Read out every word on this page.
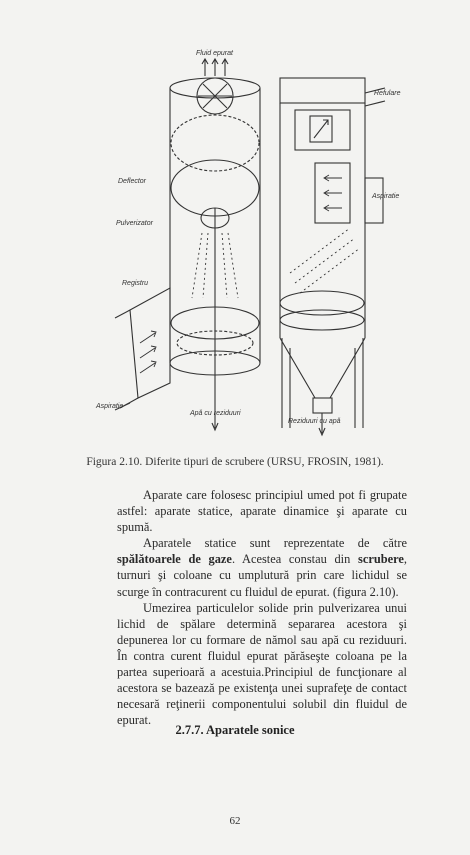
Fluid epurat
Deflector
Pulverizator
Registru
Aspiratie
Apă cu reziduuri
Refulare
Aspiratie
Reziduuri cu apă
Figura 2.10. Diferite tipuri de scrubere (URSU, FROSIN, 1981).

Aparate care folosesc principiul umed pot fi grupate astfel: aparate statice, aparate dinamice şi aparate cu spumă.

Aparatele statice sunt reprezentate de către spălătoarele de gaze. Acestea constau din scrubere, turnuri şi coloane cu umplutură prin care lichidul se scurge în contracurent cu fluidul de epurat. (figura 2.10).

Umezirea particulelor solide prin pulverizarea unui lichid de spălare determină separarea acestora şi depunerea lor cu formare de nămol sau apă cu reziduuri. În contra curent fluidul epurat părăseşte coloana pe la partea superioară a acestuia.Principiul de funcţionare al acestora se bazează pe existenţa unei suprafeţe de contact necesară reţinerii componentului solubil din fluidul de epurat.

2.7.7. Aparatele sonice
62
